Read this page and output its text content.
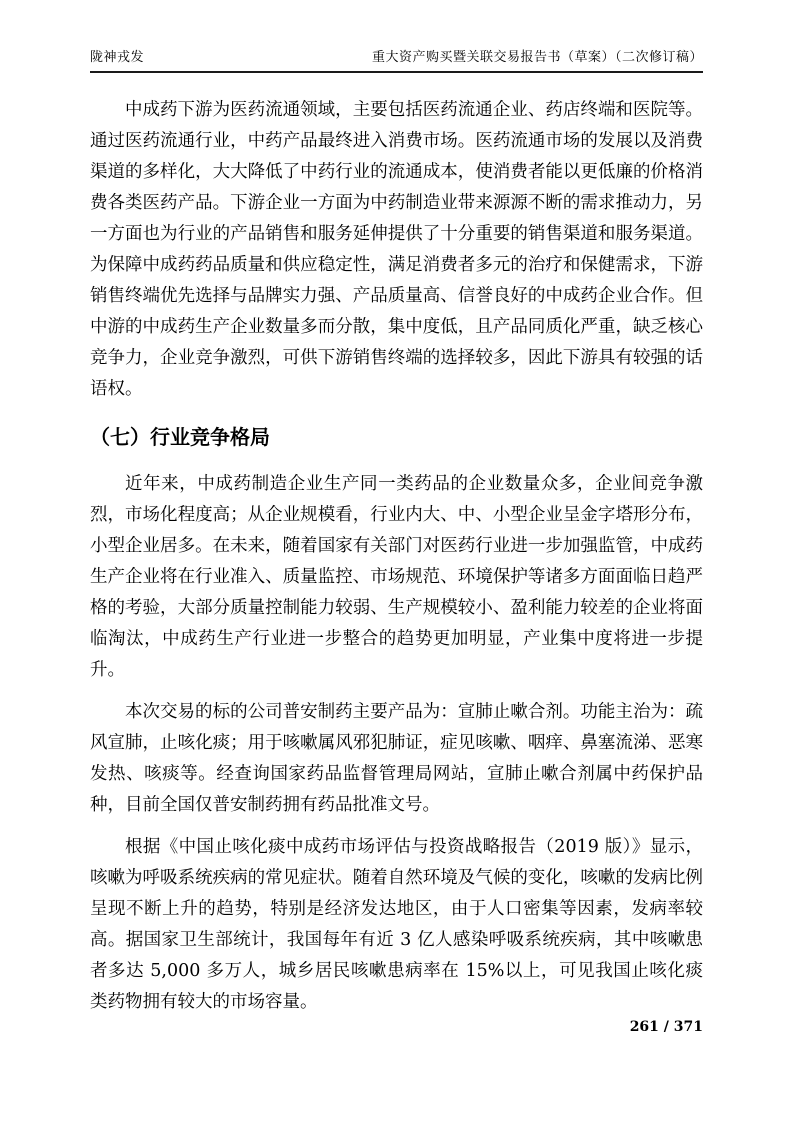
陇神戎发	重大资产购买暨关联交易报告书（草案）（二次修订稿）

中成药下游为医药流通领域，主要包括医药流通企业、药店终端和医院等。通过医药流通行业，中药产品最终进入消费市场。医药流通市场的发展以及消费渠道的多样化，大大降低了中药行业的流通成本，使消费者能以更低廉的价格消费各类医药产品。下游企业一方面为中药制造业带来源源不断的需求推动力，另一方面也为行业的产品销售和服务延伸提供了十分重要的销售渠道和服务渠道。为保障中成药药品质量和供应稳定性，满足消费者多元的治疗和保健需求，下游销售终端优先选择与品牌实力强、产品质量高、信誉良好的中成药企业合作。但中游的中成药生产企业数量多而分散，集中度低，且产品同质化严重，缺乏核心竞争力，企业竞争激烈，可供下游销售终端的选择较多，因此下游具有较强的话语权。

（七）行业竞争格局

近年来，中成药制造企业生产同一类药品的企业数量众多，企业间竞争激烈，市场化程度高；从企业规模看，行业内大、中、小型企业呈金字塔形分布，小型企业居多。在未来，随着国家有关部门对医药行业进一步加强监管，中成药生产企业将在行业准入、质量监控、市场规范、环境保护等诸多方面面临日趋严格的考验，大部分质量控制能力较弱、生产规模较小、盈利能力较差的企业将面临淘汰，中成药生产行业进一步整合的趋势更加明显，产业集中度将进一步提升。

本次交易的标的公司普安制药主要产品为：宣肺止嗽合剂。功能主治为：疏风宣肺，止咳化痰；用于咳嗽属风邪犯肺证，症见咳嗽、咽痒、鼻塞流涕、恶寒发热、咳痰等。经查询国家药品监督管理局网站，宣肺止嗽合剂属中药保护品种，目前全国仅普安制药拥有药品批准文号。

根据《中国止咳化痰中成药市场评估与投资战略报告（2019 版）》显示，咳嗽为呼吸系统疾病的常见症状。随着自然环境及气候的变化，咳嗽的发病比例呈现不断上升的趋势，特别是经济发达地区，由于人口密集等因素，发病率较高。据国家卫生部统计，我国每年有近 3 亿人感染呼吸系统疾病，其中咳嗽患者多达 5,000 多万人，城乡居民咳嗽患病率在 15%以上，可见我国止咳化痰类药物拥有较大的市场容量。

261 / 371
